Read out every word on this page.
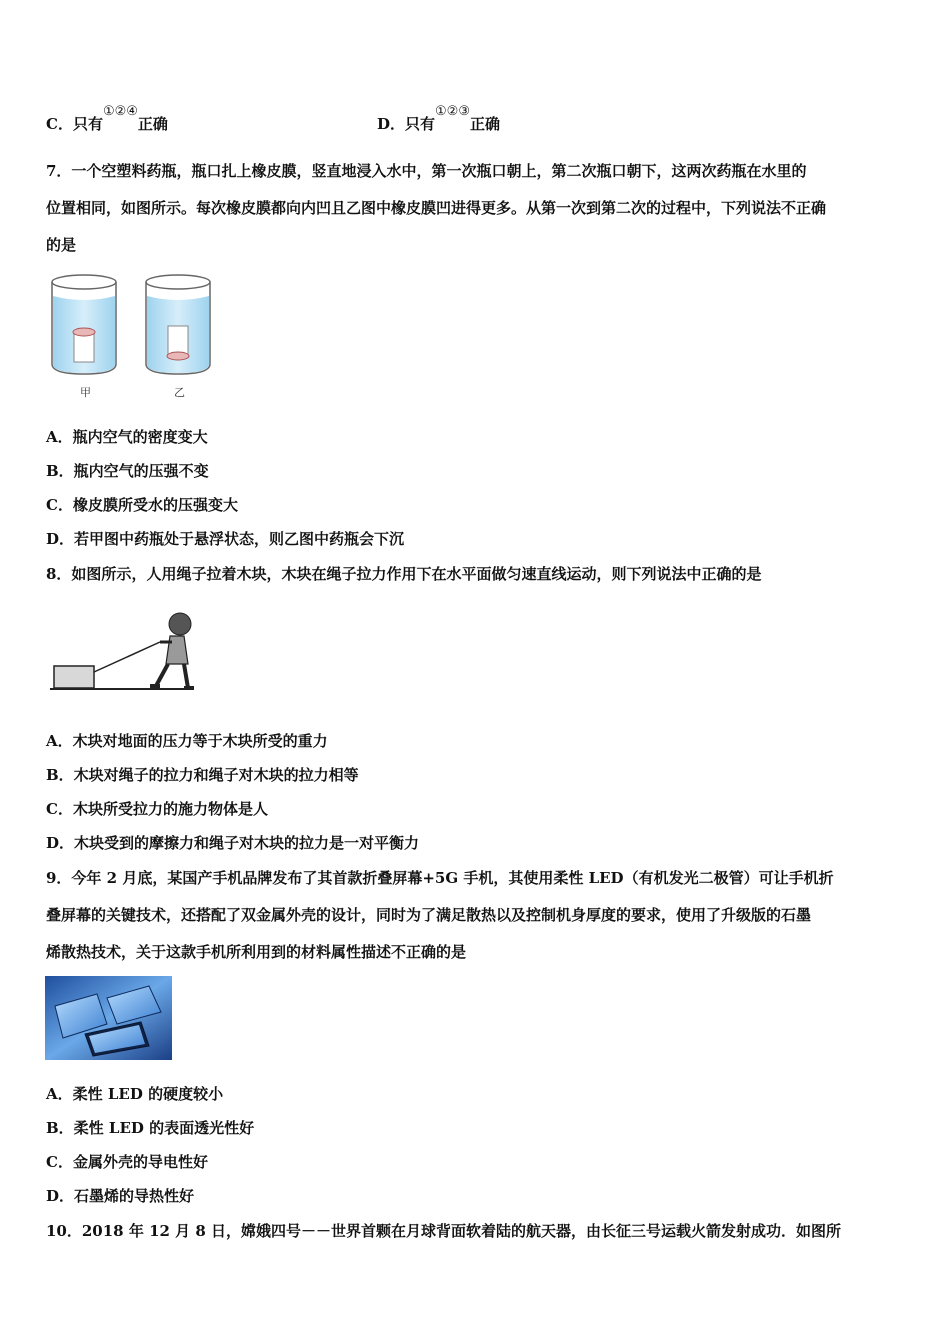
C．只有①②④正确	D．只有①②③正确
7．一个空塑料药瓶，瓶口扎上橡皮膜，竖直地浸入水中，第一次瓶口朝上，第二次瓶口朝下，这两次药瓶在水里的
位置相同，如图所示。每次橡皮膜都向内凹且乙图中橡皮膜凹进得更多。从第一次到第二次的过程中，下列说法不正确
的是
甲	乙
A．瓶内空气的密度变大
B．瓶内空气的压强不变
C．橡皮膜所受水的压强变大
D．若甲图中药瓶处于悬浮状态，则乙图中药瓶会下沉
8．如图所示，人用绳子拉着木块，木块在绳子拉力作用下在水平面做匀速直线运动，则下列说法中正确的是
A．木块对地面的压力等于木块所受的重力
B．木块对绳子的拉力和绳子对木块的拉力相等
C．木块所受拉力的施力物体是人
D．木块受到的摩擦力和绳子对木块的拉力是一对平衡力
9．今年 2 月底，某国产手机品牌发布了其首款折叠屏幕+5G 手机，其使用柔性 LED（有机发光二极管）可让手机折
叠屏幕的关键技术，还搭配了双金属外壳的设计，同时为了满足散热以及控制机身厚度的要求，使用了升级版的石墨
烯散热技术，关于这款手机所利用到的材料属性描述不正确的是
A．柔性 LED 的硬度较小
B．柔性 LED 的表面透光性好
C．金属外壳的导电性好
D．石墨烯的导热性好
10．2018 年 12 月 8 日，嫦娥四号－－世界首颗在月球背面软着陆的航天器，由长征三号运载火箭发射成功．如图所
